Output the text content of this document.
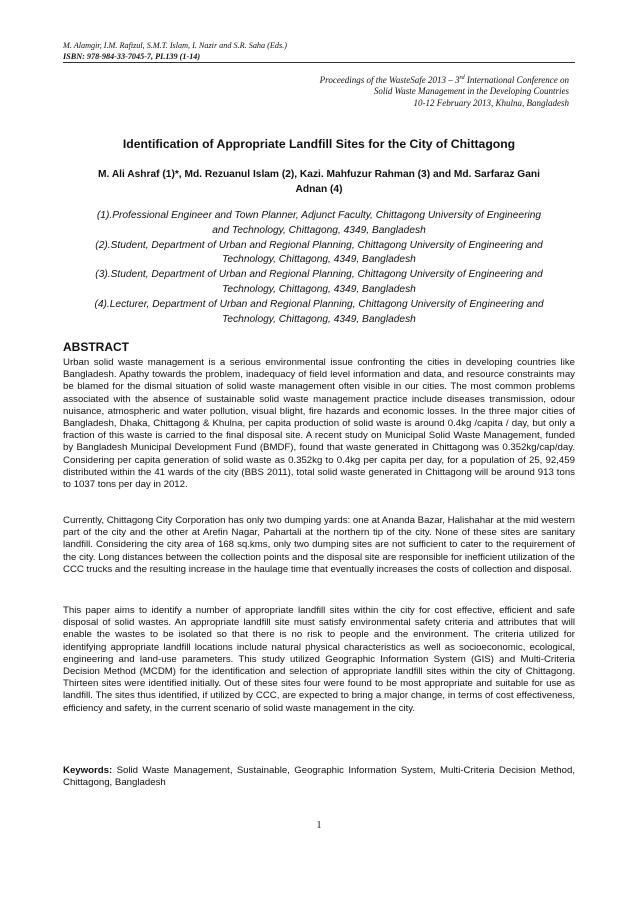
M. Alamgir, I.M. Rafizul, S.M.T. Islam, I. Nazir and S.R. Saha (Eds.)
ISBN: 978-984-33-7045-7, PI.139 (1-14)
Proceedings of the WasteSafe 2013 – 3rd International Conference on
Solid Waste Management in the Developing Countries
10-12 February 2013, Khulna, Bangladesh
Identification of Appropriate Landfill Sites for the City of Chittagong
M. Ali Ashraf (1)*, Md. Rezuanul Islam (2), Kazi. Mahfuzur Rahman (3) and Md. Sarfaraz Gani
Adnan (4)
(1).Professional Engineer and Town Planner, Adjunct Faculty, Chittagong University of Engineering
and Technology, Chittagong, 4349, Bangladesh
(2).Student, Department of Urban and Regional Planning, Chittagong University of Engineering and
Technology, Chittagong, 4349, Bangladesh
(3).Student, Department of Urban and Regional Planning, Chittagong University of Engineering and
Technology, Chittagong, 4349, Bangladesh
(4).Lecturer, Department of Urban and Regional Planning, Chittagong University of Engineering and
Technology, Chittagong, 4349, Bangladesh
ABSTRACT

Urban solid waste management is a serious environmental issue confronting the cities in developing countries like Bangladesh. Apathy towards the problem, inadequacy of field level information and data, and resource constraints may be blamed for the dismal situation of solid waste management often visible in our cities. The most common problems associated with the absence of sustainable solid waste management practice include diseases transmission, odour nuisance, atmospheric and water pollution, visual blight, fire hazards and economic losses. In the three major cities of Bangladesh, Dhaka, Chittagong & Khulna, per capita production of solid waste is around 0.4kg /capita / day, but only a fraction of this waste is carried to the final disposal site. A recent study on Municipal Solid Waste Management, funded by Bangladesh Municipal Development Fund (BMDF), found that waste generated in Chittagong was 0.352kg/cap/day. Considering per capita generation of solid waste as 0.352kg to 0.4kg per capita per day, for a population of 25, 92,459 distributed within the 41 wards of the city (BBS 2011), total solid waste generated in Chittagong will be around 913 tons to 1037 tons per day in 2012.

Currently, Chittagong City Corporation has only two dumping yards: one at Ananda Bazar, Halishahar at the mid western part of the city and the other at Arefin Nagar, Pahartali at the northern tip of the city. None of these sites are sanitary landfill. Considering the city area of 168 sq.kms, only two dumping sites are not sufficient to cater to the requirement of the city. Long distances between the collection points and the disposal site are responsible for inefficient utilization of the CCC trucks and the resulting increase in the haulage time that eventually increases the costs of collection and disposal.

This paper aims to identify a number of appropriate landfill sites within the city for cost effective, efficient and safe disposal of solid wastes. An appropriate landfill site must satisfy environmental safety criteria and attributes that will enable the wastes to be isolated so that there is no risk to people and the environment. The criteria utilized for identifying appropriate landfill locations include natural physical characteristics as well as socioeconomic, ecological, engineering and land-use parameters. This study utilized Geographic Information System (GIS) and Multi-Criteria Decision Method (MCDM) for the identification and selection of appropriate landfill sites within the city of Chittagong. Thirteen sites were identified initially. Out of these sites four were found to be most appropriate and suitable for use as landfill. The sites thus identified, if utilized by CCC, are expected to bring a major change, in terms of cost effectiveness, efficiency and safety, in the current scenario of solid waste management in the city.

Keywords: Solid Waste Management, Sustainable, Geographic Information System, Multi-Criteria Decision Method, Chittagong, Bangladesh
1
